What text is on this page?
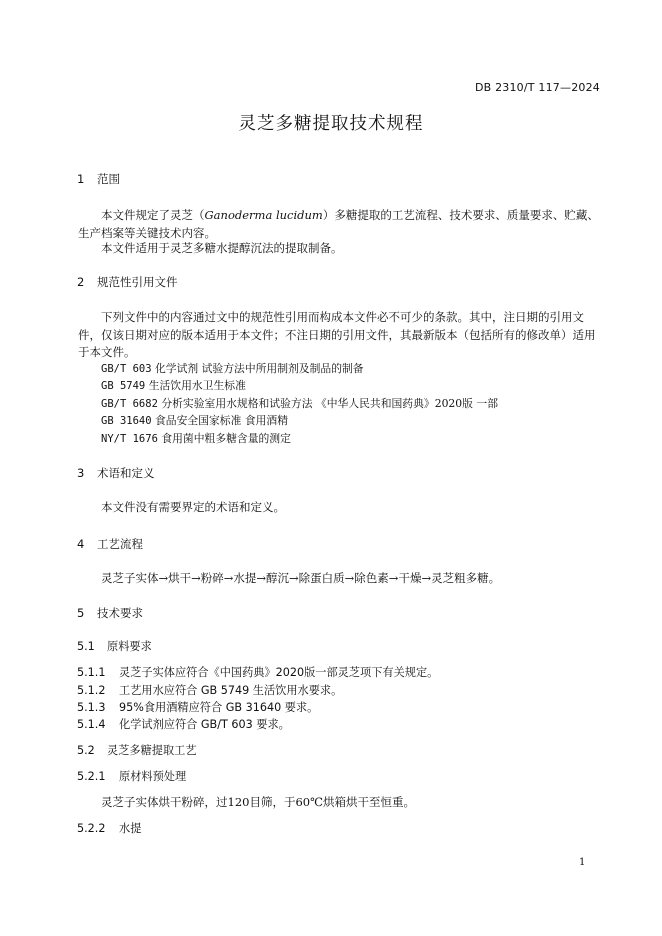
DB 2310/T 117—2024
灵芝多糖提取技术规程
1 范围
本文件规定了灵芝（Ganoderma lucidum）多糖提取的工艺流程、技术要求、质量要求、贮藏、生产档案等关键技术内容。
本文件适用于灵芝多糖水提醇沉法的提取制备。
2 规范性引用文件
下列文件中的内容通过文中的规范性引用而构成本文件必不可少的条款。其中，注日期的引用文件，仅该日期对应的版本适用于本文件；不注日期的引用文件，其最新版本（包括所有的修改单）适用于本文件。
GB/T 603 化学试剂 试验方法中所用制剂及制品的制备
GB 5749 生活饮用水卫生标准
GB/T 6682 分析实验室用水规格和试验方法 《中华人民共和国药典》2020版 一部
GB 31640 食品安全国家标准 食用酒精
NY/T 1676 食用菌中粗多糖含量的测定
3 术语和定义
本文件没有需要界定的术语和定义。
4 工艺流程
灵芝子实体→烘干→粉碎→水提→醇沉→除蛋白质→除色素→干燥→灵芝粗多糖。
5 技术要求
5.1 原料要求
5.1.1 灵芝子实体应符合《中国药典》2020版一部灵芝项下有关规定。
5.1.2 工艺用水应符合 GB 5749 生活饮用水要求。
5.1.3 95%食用酒精应符合 GB 31640 要求。
5.1.4 化学试剂应符合 GB/T 603 要求。
5.2 灵芝多糖提取工艺
5.2.1 原材料预处理
灵芝子实体烘干粉碎，过120目筛，于60℃烘箱烘干至恒重。
5.2.2 水提
1
